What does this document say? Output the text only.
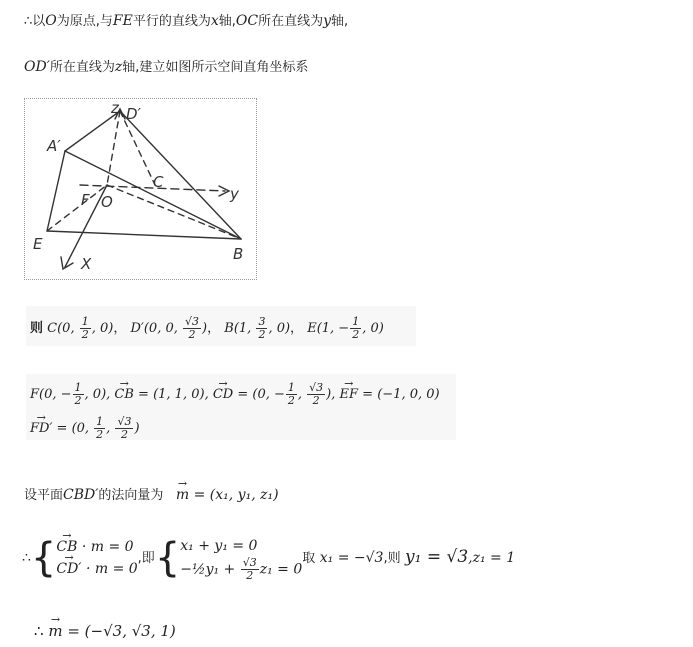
∴以O为原点,与FE平行的直线为x轴,OC所在直线为y轴,
OD′所在直线为z轴,建立如图所示空间直角坐标系
z D′
A′
F O
C
y
E
X
B
则 C(0, $\frac{1}{2}$ , 0)， D′(0, 0, $\frac{√3}{2}$ )， B(1, $\frac{3}{2}$ , 0)， E(1, − $\frac{1}{2}$ , 0)
F(0, − $\frac{1}{2}$ , 0), → CB = (1, 1, 0), → CD = (0, − $\frac{1}{2}$ , $\frac{√3}{2}$ ), → EF = (−1, 0, 0)
→ FD′ = (0, $\frac{1}{2}$ , $\frac{√3}{2}$ )
设平面CBD′的法向量为 → m = (x₁, y₁, z₁)
∴{ → CB · m = 0
→ CD′ · m = 0
,即{ x₁ + y₁ = 0
−½y₁ + $\frac{√3}{2} z_1 = 0$
取 x₁ = −√3,则 y₁ = √3,z₁ = 1
∴ → m = (−√3, √3, 1)
